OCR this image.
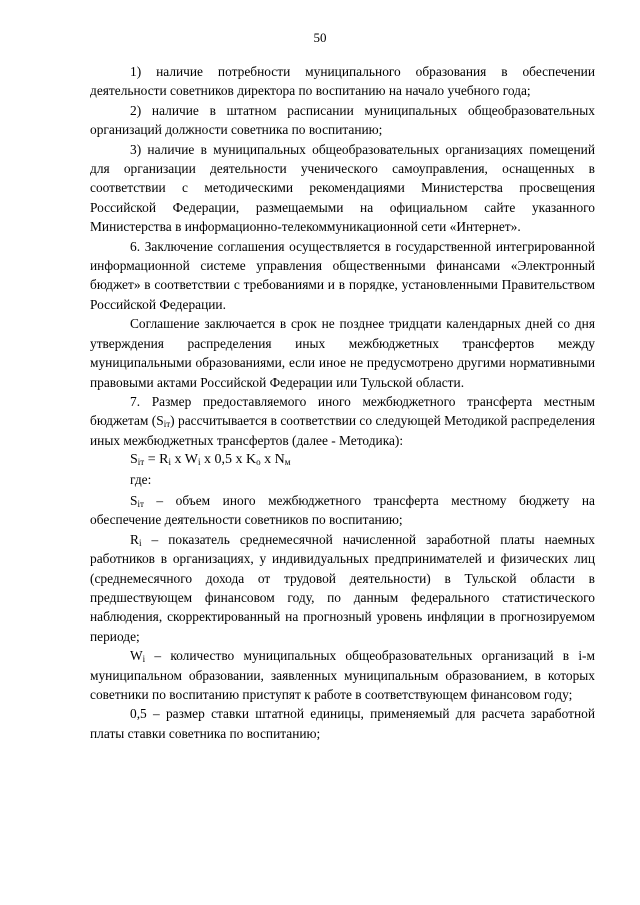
50

1) наличие потребности муниципального образования в обеспечении деятельности советников директора по воспитанию на начало учебного года;

2) наличие в штатном расписании муниципальных общеобразовательных организаций должности советника по воспитанию;

3) наличие в муниципальных общеобразовательных организациях помещений для организации деятельности ученического самоуправления, оснащенных в соответствии с методическими рекомендациями Министерства просвещения Российской Федерации, размещаемыми на официальном сайте указанного Министерства в информационно-телекоммуникационной сети «Интернет».

6. Заключение соглашения осуществляется в государственной интегрированной информационной системе управления общественными финансами «Электронный бюджет» в соответствии с требованиями и в порядке, установленными Правительством Российской Федерации.

Соглашение заключается в срок не позднее тридцати календарных дней со дня утверждения распределения иных межбюджетных трансфертов между муниципальными образованиями, если иное не предусмотрено другими нормативными правовыми актами Российской Федерации или Тульской области.

7. Размер предоставляемого иного межбюджетного трансферта местным бюджетам $(S_{iт})$ рассчитывается в соответствии со следующей Методикой распределения иных межбюджетных трансфертов (далее - Методика):

$S_{iт} = R_i$ x $W_i$ x 0,5 x $K_o$ x $N_м$

где:

$S_{iт}$ – объем иного межбюджетного трансферта местному бюджету на обеспечение деятельности советников по воспитанию;

$R_i$ – показатель среднемесячной начисленной заработной платы наемных работников в организациях, у индивидуальных предпринимателей и физических лиц (среднемесячного дохода от трудовой деятельности) в Тульской области в предшествующем финансовом году, по данным федерального статистического наблюдения, скорректированный на прогнозный уровень инфляции в прогнозируемом периоде;

$W_i$ – количество муниципальных общеобразовательных организаций в i-м муниципальном образовании, заявленных муниципальным образованием, в которых советники по воспитанию приступят к работе в соответствующем финансовом году;

0,5 – размер ставки штатной единицы, применяемый для расчета заработной платы ставки советника по воспитанию;
